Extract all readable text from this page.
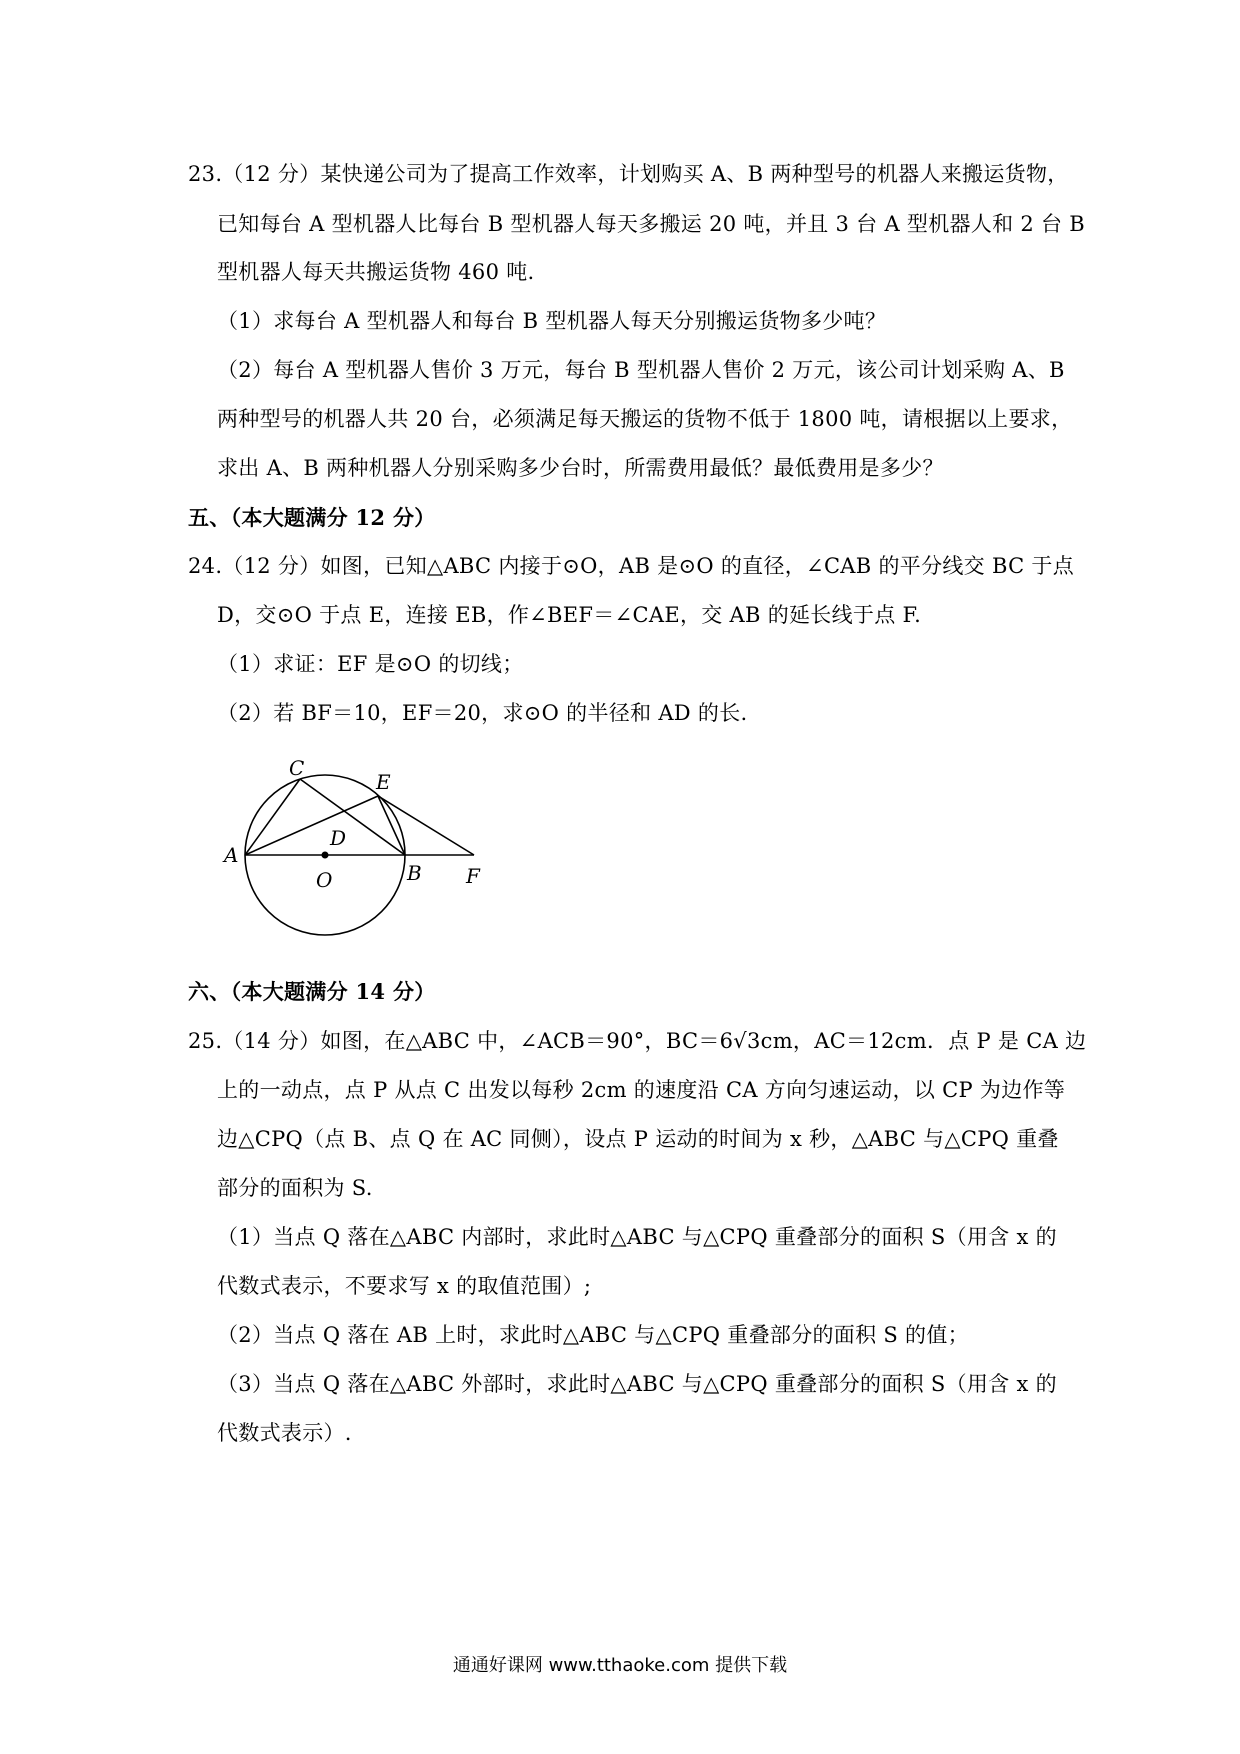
23.（12 分）某快递公司为了提高工作效率，计划购买 A、B 两种型号的机器人来搬运货物，
已知每台 A 型机器人比每台 B 型机器人每天多搬运 20 吨，并且 3 台 A 型机器人和 2 台 B
型机器人每天共搬运货物 460 吨.
（1）求每台 A 型机器人和每台 B 型机器人每天分别搬运货物多少吨？
（2）每台 A 型机器人售价 3 万元，每台 B 型机器人售价 2 万元，该公司计划采购 A、B
两种型号的机器人共 20 台，必须满足每天搬运的货物不低于 1800 吨，请根据以上要求，
求出 A、B 两种机器人分别采购多少台时，所需费用最低？最低费用是多少？
五、（本大题满分 12 分）
24.（12 分）如图，已知△ABC 内接于⊙O，AB 是⊙O 的直径，∠CAB 的平分线交 BC 于点
D，交⊙O 于点 E，连接 EB，作∠BEF＝∠CAE，交 AB 的延长线于点 F.
（1）求证：EF 是⊙O 的切线；
（2）若 BF＝10，EF＝20，求⊙O 的半径和 AD 的长.
A
C
E
D
O	B F
六、（本大题满分 14 分）
25.（14 分）如图，在△ABC 中，∠ACB＝90°，BC＝6√3cm，AC＝12cm．点 P 是 CA 边
上的一动点，点 P 从点 C 出发以每秒 2cm 的速度沿 CA 方向匀速运动，以 CP 为边作等
边△CPQ（点 B、点 Q 在 AC 同侧），设点 P 运动的时间为 x 秒，△ABC 与△CPQ 重叠
部分的面积为 S.
（1）当点 Q 落在△ABC 内部时，求此时△ABC 与△CPQ 重叠部分的面积 S（用含 x 的
代数式表示，不要求写 x 的取值范围）;
（2）当点 Q 落在 AB 上时，求此时△ABC 与△CPQ 重叠部分的面积 S 的值；
（3）当点 Q 落在△ABC 外部时，求此时△ABC 与△CPQ 重叠部分的面积 S（用含 x 的
代数式表示）.
通通好课网 www.tthaoke.com 提供下载
